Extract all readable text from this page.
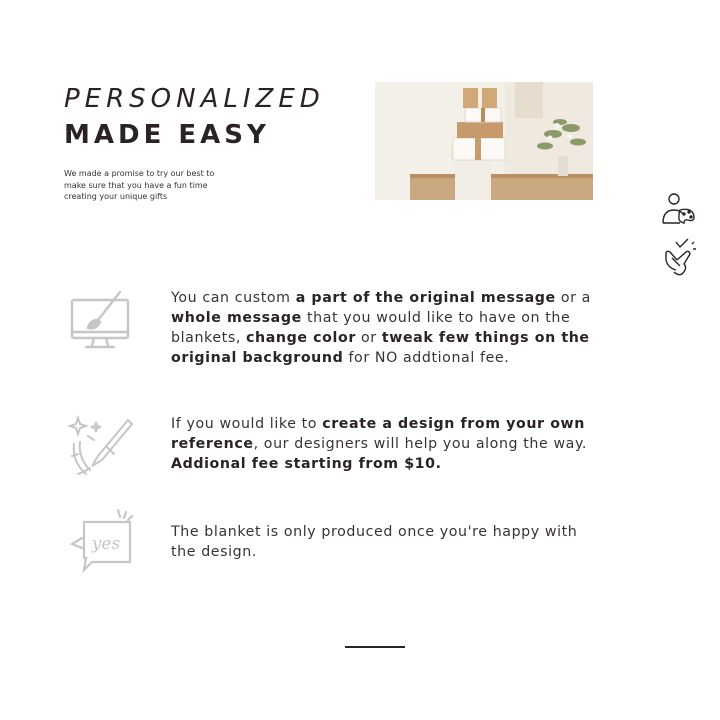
PERSONALIZED
MADE EASY
We made a promise to try our best to
make sure that you have a fun time
creating your unique gifts
You can custom a part of the original message or a whole message that you would like to have on the blankets, change color or tweak few things on the original background for NO addtional fee.
If you would like to create a design from your own reference, our designers will help you along the way. Addional fee starting from $10.
yes
The blanket is only produced once you're happy with the design.
